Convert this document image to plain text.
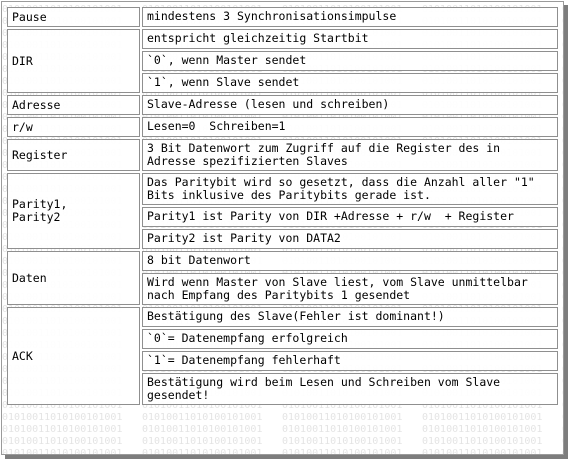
Pause	mindestens 3 Synchronisationsimpulse
DIR	entspricht gleichzeitig Startbit
	`0`, wenn Master sendet
	`1`, wenn Slave sendet
Adresse	Slave-Adresse (lesen und schreiben)
r/w	Lesen=0  Schreiben=1
Register	3 Bit Datenwort zum Zugriff auf die Register des in Adresse spezifizierten Slaves
Parity1,
Parity2	Das Paritybit wird so gesetzt, dass die Anzahl aller "1" Bits inklusive des Paritybits gerade ist.
	Parity1 ist Parity von DIR +Adresse + r/w  + Register
	Parity2 ist Parity von DATA2
Daten	8 bit Datenwort
	Wird wenn Master von Slave liest, vom Slave unmittelbar nach Empfang des Paritybits 1 gesendet
ACK	Bestätigung des Slave(Fehler ist dominant!)
	`0`= Datenempfang erfolgreich
	`1`= Datenempfang fehlerhaft
	Bestätigung wird beim Lesen und Schreiben vom Slave gesendet!
